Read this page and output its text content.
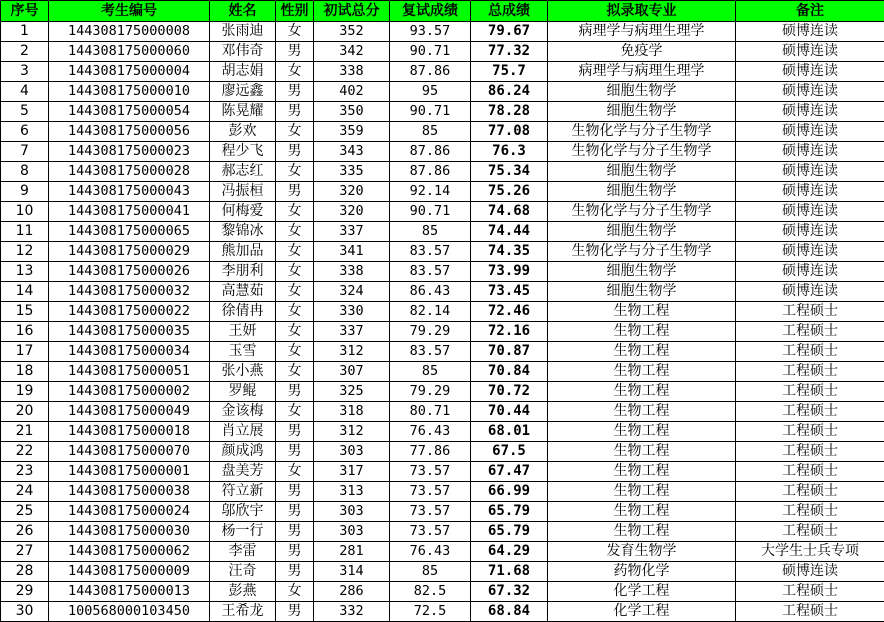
序号	考生编号	姓名	性别	初试总分	复试成绩	总成绩	拟录取专业	备注
1	144308175000008	张雨迪	女	352	93.57	79.67	病理学与病理生理学	硕博连读
2	144308175000060	邓伟奇	男	342	90.71	77.32	免疫学	硕博连读
3	144308175000004	胡志娟	女	338	87.86	75.7	病理学与病理生理学	硕博连读
4	144308175000010	廖远鑫	男	402	95	86.24	细胞生物学	硕博连读
5	144308175000054	陈晃耀	男	350	90.71	78.28	细胞生物学	硕博连读
6	144308175000056	彭欢	女	359	85	77.08	生物化学与分子生物学	硕博连读
7	144308175000023	程少飞	男	343	87.86	76.3	生物化学与分子生物学	硕博连读
8	144308175000028	郝志红	女	335	87.86	75.34	细胞生物学	硕博连读
9	144308175000043	冯振桓	男	320	92.14	75.26	细胞生物学	硕博连读
10	144308175000041	何梅爱	女	320	90.71	74.68	生物化学与分子生物学	硕博连读
11	144308175000065	黎锦冰	女	337	85	74.44	细胞生物学	硕博连读
12	144308175000029	熊加品	女	341	83.57	74.35	生物化学与分子生物学	硕博连读
13	144308175000026	李朋利	女	338	83.57	73.99	细胞生物学	硕博连读
14	144308175000032	高慧茹	女	324	86.43	73.45	细胞生物学	硕博连读
15	144308175000022	徐倩冉	女	330	82.14	72.46	生物工程	工程硕士
16	144308175000035	王妍	女	337	79.29	72.16	生物工程	工程硕士
17	144308175000034	玉雪	女	312	83.57	70.87	生物工程	工程硕士
18	144308175000051	张小燕	女	307	85	70.84	生物工程	工程硕士
19	144308175000002	罗鲲	男	325	79.29	70.72	生物工程	工程硕士
20	144308175000049	金该梅	女	318	80.71	70.44	生物工程	工程硕士
21	144308175000018	肖立展	男	312	76.43	68.01	生物工程	工程硕士
22	144308175000070	颜成鸿	男	303	77.86	67.5	生物工程	工程硕士
23	144308175000001	盘美芳	女	317	73.57	67.47	生物工程	工程硕士
24	144308175000038	符立新	男	313	73.57	66.99	生物工程	工程硕士
25	144308175000024	邬欣宇	男	303	73.57	65.79	生物工程	工程硕士
26	144308175000030	杨一行	男	303	73.57	65.79	生物工程	工程硕士
27	144308175000062	李雷	男	281	76.43	64.29	发育生物学	大学生士兵专项
28	144308175000009	汪奇	男	314	85	71.68	药物化学	硕博连读
29	144308175000013	彭燕	女	286	82.5	67.32	化学工程	工程硕士
30	100568000103450	王希龙	男	332	72.5	68.84	化学工程	工程硕士
